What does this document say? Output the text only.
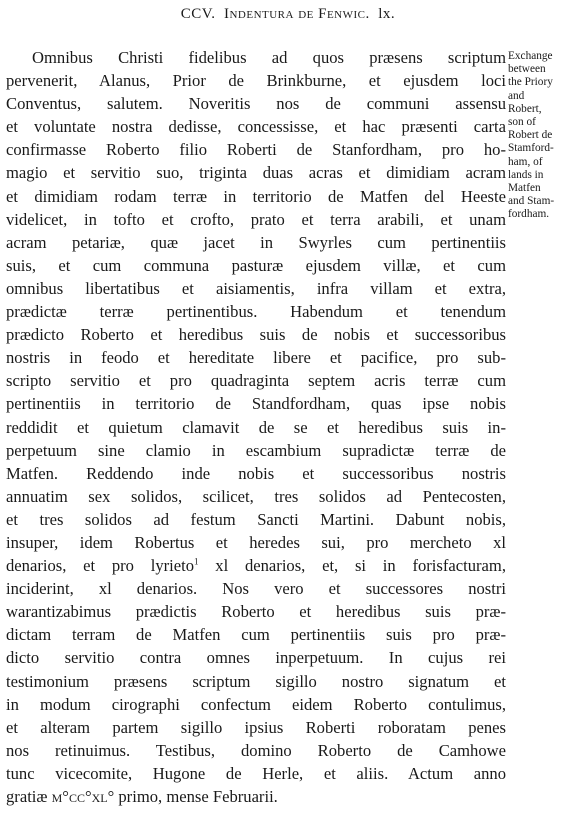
CCV. Indentura de Fenwic. lx.
Omnibus Christi fidelibus ad quos præsens scriptum
pervenerit, Alanus, Prior de Brinkburne, et ejusdem loci
Conventus, salutem. Noveritis nos de communi assensu
et voluntate nostra dedisse, concessisse, et hac præsenti carta
confirmasse Roberto filio Roberti de Stanfordham, pro ho-
magio et servitio suo, triginta duas acras et dimidiam acram
et dimidiam rodam terræ in territorio de Matfen del Heeste
videlicet, in tofto et crofto, prato et terra arabili, et unam
acram petariæ, quæ jacet in Swyrles cum pertinentiis
suis, et cum communa pasturæ ejusdem villæ, et cum
omnibus libertatibus et aisiamentis, infra villam et extra,
prædictæ terræ pertinentibus. Habendum et tenendum
prædicto Roberto et heredibus suis de nobis et successoribus
nostris in feodo et hereditate libere et pacifice, pro sub-
scripto servitio et pro quadraginta septem acris terræ cum
pertinentiis in territorio de Standfordham, quas ipse nobis
reddidit et quietum clamavit de se et heredibus suis in-
perpetuum sine clamio in escambium supradictæ terræ de
Matfen. Reddendo inde nobis et successoribus nostris
annuatim sex solidos, scilicet, tres solidos ad Pentecosten,
et tres solidos ad festum Sancti Martini. Dabunt nobis,
insuper, idem Robertus et heredes sui, pro mercheto xl
denarios, et pro lyrieto$^1$ xl denarios, et, si in forisfacturam,
incideri​nt, xl denarios. Nos vero et successores nostri
warantizabimus prædictis Roberto et heredibus suis præ-
dictam terram de Matfen cum pertinentiis suis pro præ-
dicto servitio contra omnes inperpetuum. In cujus rei
testimonium præsens scriptum sigillo nostro signatum et
in modum cirographi confectum eidem Roberto contulimus,
et alteram partem sigillo ipsius Roberti roboratam penes
nos retinuimus. Testibus, domino Roberto de Camhowe
tunc vicecomite, Hugone de Herle, et aliis. Actum anno
gratiæ m°cc°xl° primo, mense Februarii.
Exchange
between
the Priory
and
Robert,
son of
Robert de
Stamford-
ham, of
lands in
Matfen
and Stam-
fordham.
